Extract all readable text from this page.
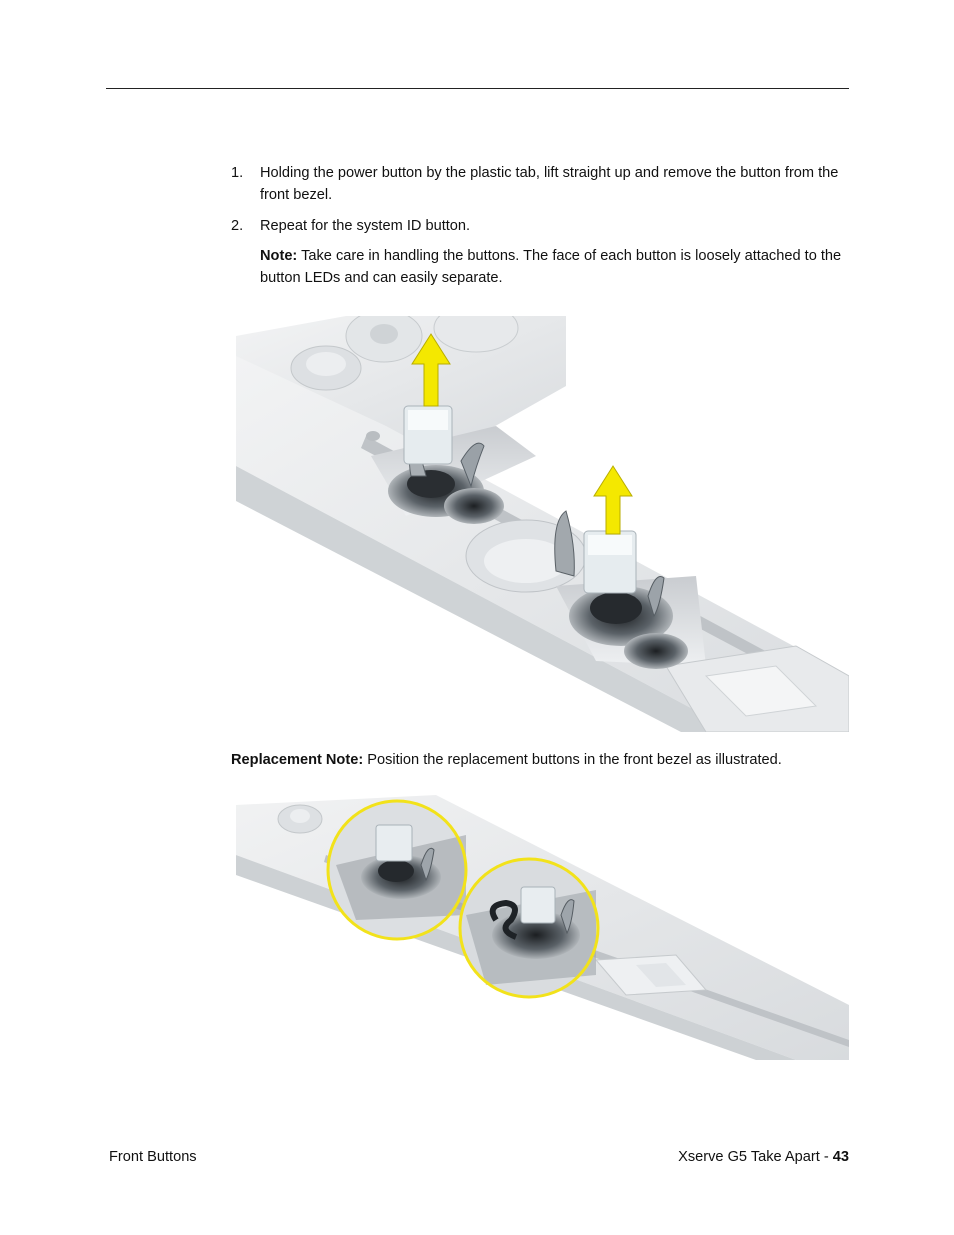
1. Holding the power button by the plastic tab, lift straight up and remove the button from the front bezel.
2. Repeat for the system ID button.
Note: Take care in handling the buttons. The face of each button is loosely attached to the button LEDs and can easily separate.
Replacement Note: Position the replacement buttons in the front bezel as illustrated.
Front Buttons	Xserve G5 Take Apart - 43
